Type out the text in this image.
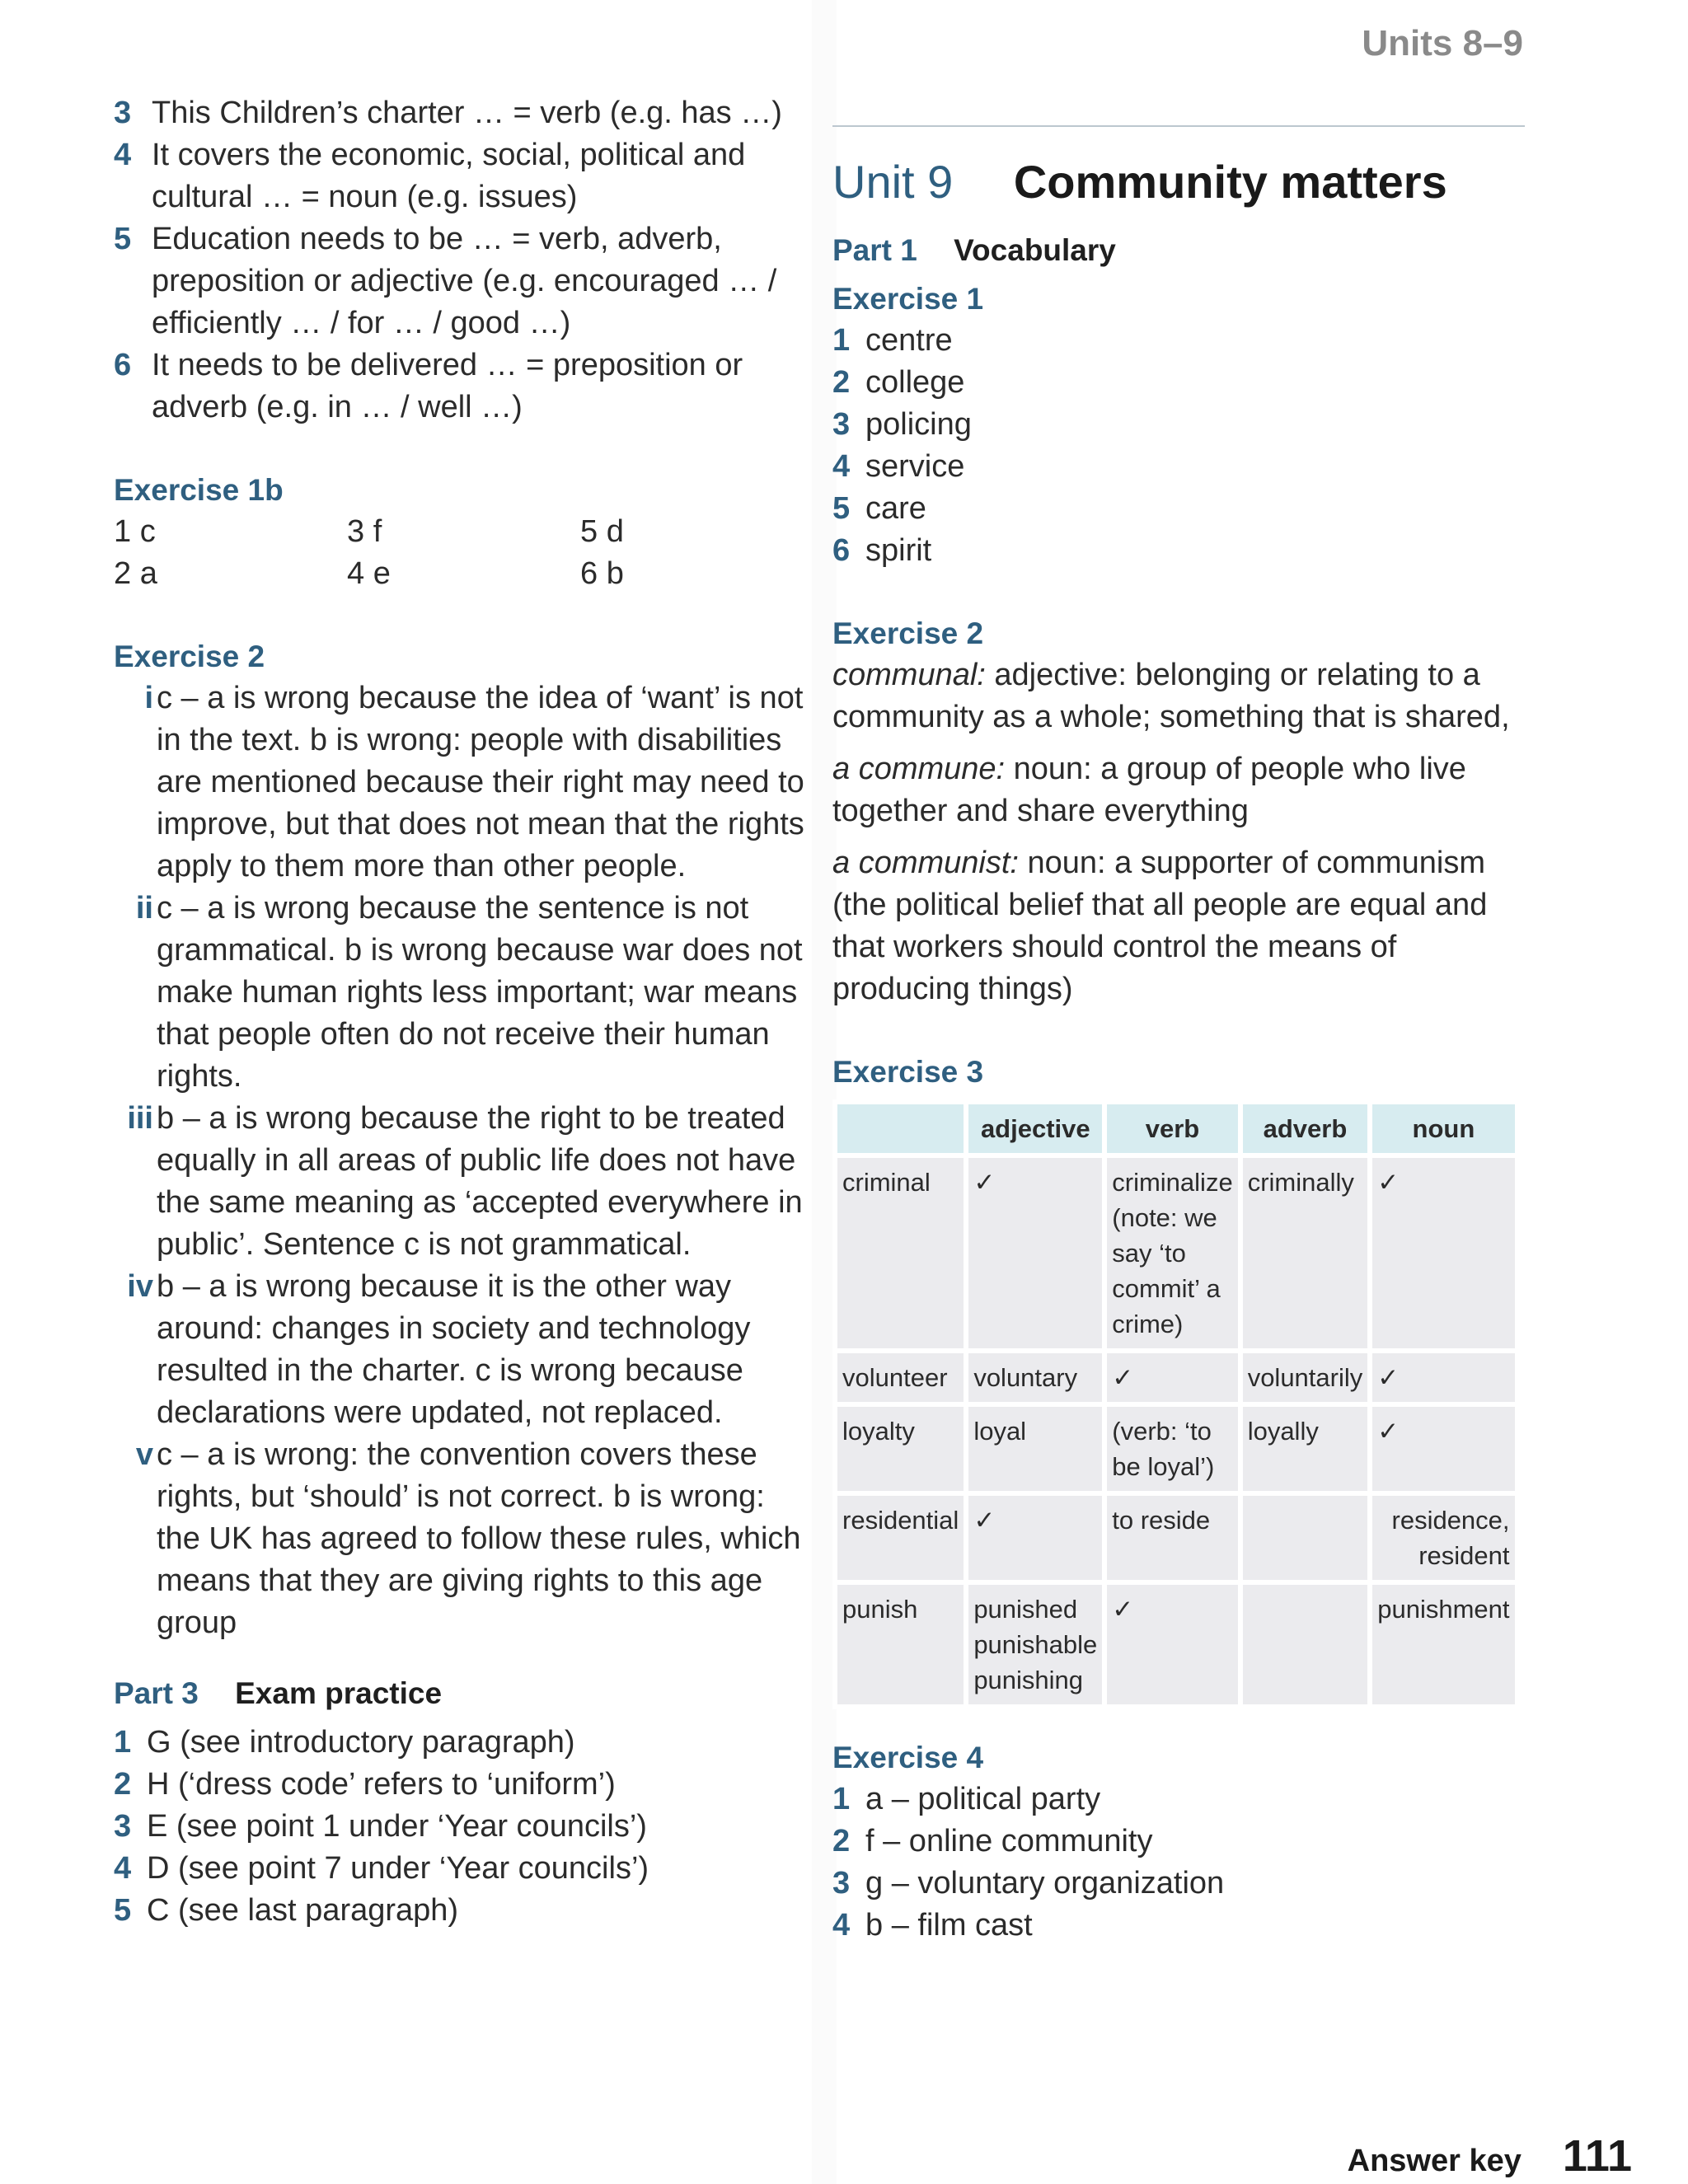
Units 8–9
3 This Children’s charter … = verb (e.g. has …)
4 It covers the economic, social, political and cultural … = noun (e.g. issues)
5 Education needs to be … = verb, adverb, preposition or adjective (e.g. encouraged … / efficiently … / for … / good …)
6 It needs to be delivered … = preposition or adverb (e.g. in … / well …)

Exercise 1b

1 c	3 f	5 d
2 a	4 e	6 b

Exercise 2

i c – a is wrong because the idea of ‘want’ is not in the text. b is wrong: people with disabilities are mentioned because their right may need to improve, but that does not mean that the rights apply to them more than other people.
ii c – a is wrong because the sentence is not grammatical. b is wrong because war does not make human rights less important; war means that people often do not receive their human rights.
iii b – a is wrong because the right to be treated equally in all areas of public life does not have the same meaning as ‘accepted everywhere in public’. Sentence c is not grammatical.
iv b – a is wrong because it is the other way around: changes in society and technology resulted in the charter. c is wrong because declarations were updated, not replaced.
v c – a is wrong: the convention covers these rights, but ‘should’ is not correct. b is wrong: the UK has agreed to follow these rules, which means that they are giving rights to this age group

Part 3 Exam practice

1 G (see introductory paragraph)
2 H (‘dress code’ refers to ‘uniform’)
3 E (see point 1 under ‘Year councils’)
4 D (see point 7 under ‘Year councils’)
5 C (see last paragraph)

Unit 9 Community matters

Part 1 Vocabulary

Exercise 1

1 centre
2 college
3 policing
4 service
5 care
6 spirit

Exercise 2

communal: adjective: belonging or relating to a community as a whole; something that is shared,

a commune: noun: a group of people who live together and share everything

a communist: noun: a supporter of communism (the political belief that all people are equal and that workers should control the means of producing things)

Exercise 3

	adjective	verb	adverb	noun
criminal	✓	criminalize (note: we say ‘to commit’ a crime)	criminally	✓
volunteer	voluntary	✓	voluntarily	✓
loyalty	loyal	(verb: ‘to be loyal’)	loyally	✓
residential	✓	to reside		residence, resident
punish	punished punishable punishing	✓		punishment

Exercise 4

1 a – political party
2 f – online community
3 g – voluntary organization
4 b – film cast
Answer key 111
